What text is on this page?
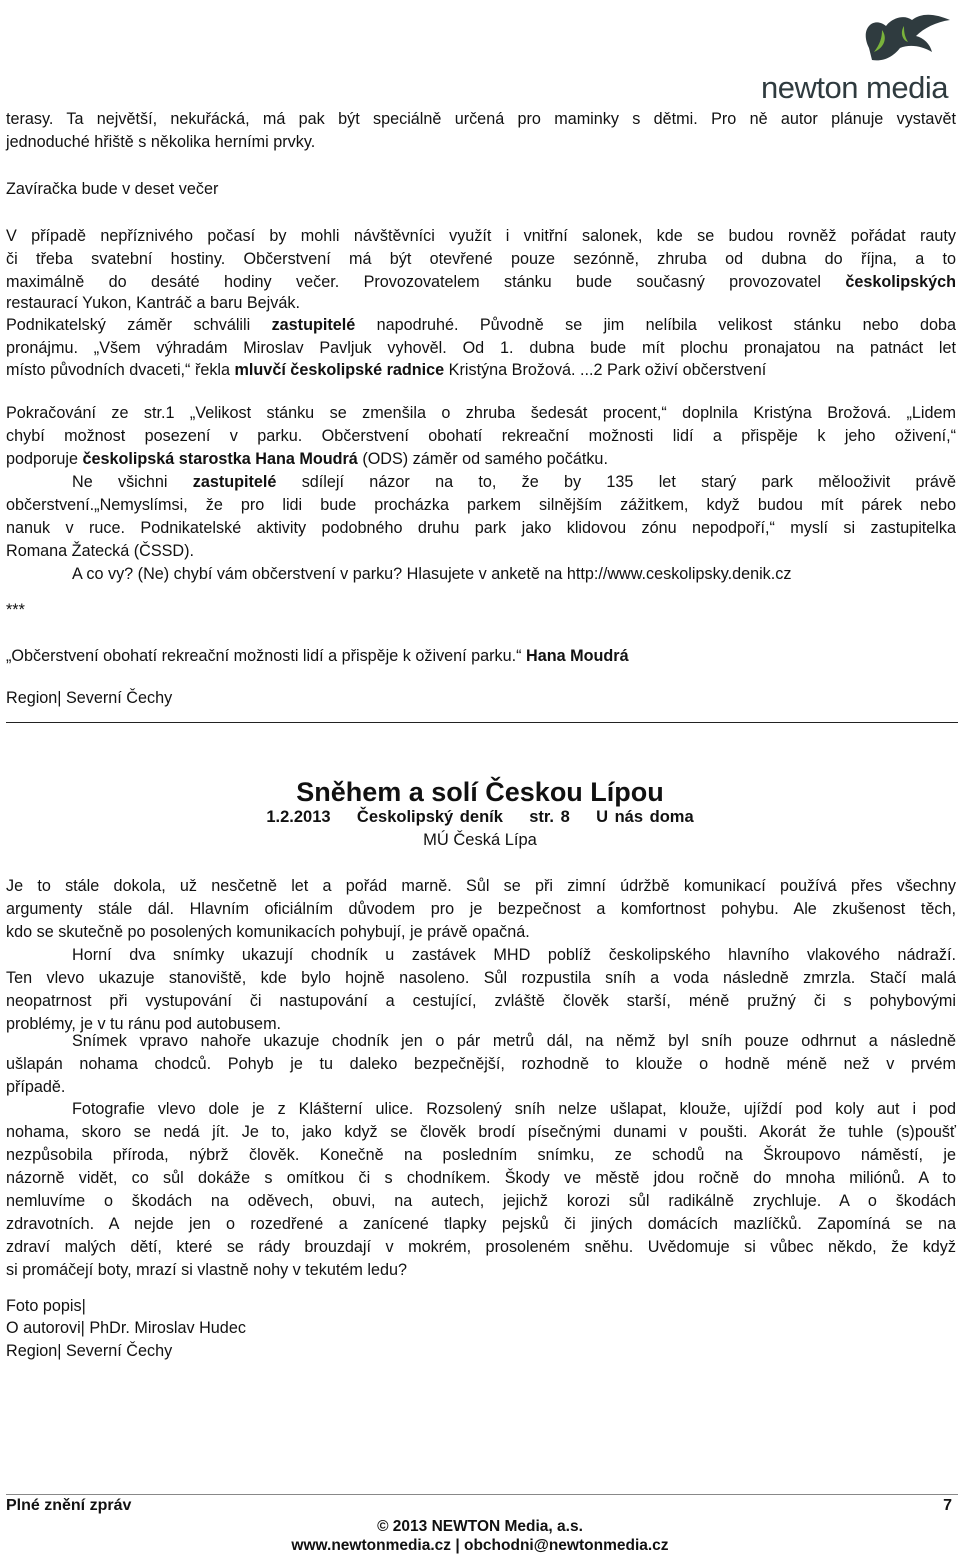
newton media
terasy. Ta největší, nekuřácká, má pak být speciálně určená pro maminky s dětmi. Pro ně autor plánuje vystavět
jednoduché hřiště s několika herními prvky.
Zavíračka bude v deset večer
V případě nepříznivého počasí by mohli návštěvníci využít i vnitřní salonek, kde se budou rovněž pořádat rauty
či třeba svatební hostiny. Občerstvení má být otevřené pouze sezónně, zhruba od dubna do října, a to
maximálně do desáté hodiny večer. Provozovatelem stánku bude současný provozovatel českolipských
restaurací Yukon, Kantráč a baru Bejvák.
Podnikatelský záměr schválili zastupitelé napodruhé. Původně se jim nelíbila velikost stánku nebo doba
pronájmu. „Všem výhradám Miroslav Pavljuk vyhověl. Od 1. dubna bude mít plochu pronajatou na patnáct let
místo původních dvaceti,“ řekla mluvčí českolipské radnice Kristýna Brožová. ...2 Park oživí občerstvení
Pokračování ze str.1 „Velikost stánku se zmenšila o zhruba šedesát procent,“ doplnila Kristýna Brožová. „Lidem
chybí možnost posezení v parku. Občerstvení obohatí rekreační možnosti lidí a přispěje k jeho oživení,“
podporuje českolipská starostka Hana Moudrá (ODS) záměr od samého počátku.
Ne všichni zastupitelé sdílejí názor na to, že by 135 let starý park mělooživit právě
občerstvení.„Nemyslímsi, že pro lidi bude procházka parkem silnějším zážitkem, když budou mít párek nebo
nanuk v ruce. Podnikatelské aktivity podobného druhu park jako klidovou zónu nepodpoří,“ myslí si zastupitelka
Romana Žatecká (ČSSD).
A co vy? (Ne) chybí vám občerstvení v parku? Hlasujete v anketě na http://www.ceskolipsky.denik.cz
***
„Občerstvení obohatí rekreační možnosti lidí a přispěje k oživení parku.“ Hana Moudrá
Region| Severní Čechy
Sněhem a solí Českou Lípou
1.2.2013    Českolipský deník    str. 8    U nás doma
MÚ Česká Lípa
Je to stále dokola, už nesčetně let a pořád marně. Sůl se při zimní údržbě komunikací používá přes všechny
argumenty stále dál. Hlavním oficiálním důvodem pro je bezpečnost a komfortnost pohybu. Ale zkušenost těch,
kdo se skutečně po posolených komunikacích pohybují, je právě opačná.
Horní dva snímky ukazují chodník u zastávek MHD poblíž českolipského hlavního vlakového nádraží.
Ten vlevo ukazuje stanoviště, kde bylo hojně nasoleno. Sůl rozpustila sníh a voda následně zmrzla. Stačí malá
neopatrnost při vystupování či nastupování a cestující, zvláště člověk starší, méně pružný či s pohybovými
problémy, je v tu ránu pod autobusem.
Snímek vpravo nahoře ukazuje chodník jen o pár metrů dál, na němž byl sníh pouze odhrnut a následně
ušlapán nohama chodců. Pohyb je tu daleko bezpečnější, rozhodně to klouže o hodně méně než v prvém
případě.
Fotografie vlevo dole je z Klášterní ulice. Rozsolený sníh nelze ušlapat, klouže, ujíždí pod koly aut i pod
nohama, skoro se nedá jít. Je to, jako když se člověk brodí písečnými dunami v poušti. Akorát že tuhle (s)poušť
nezpůsobila příroda, nýbrž člověk. Konečně na posledním snímku, ze schodů na Škroupovo náměstí, je
názorně vidět, co sůl dokáže s omítkou či s chodníkem. Škody ve městě jdou ročně do mnoha miliónů. A to
nemluvíme o škodách na oděvech, obuvi, na autech, jejichž korozi sůl radikálně zrychluje. A o škodách
zdravotních. A nejde jen o rozedřené a zanícené tlapky pejsků či jiných domácích mazlíčků. Zapomíná se na
zdraví malých dětí, které se rády brouzdají v mokrém, prosoleném sněhu. Uvědomuje si vůbec někdo, že když
si promáčejí boty, mrazí si vlastně nohy v tekutém ledu?
Foto popis|
O autorovi| PhDr. Miroslav Hudec
Region| Severní Čechy
Plné znění zpráv	7
© 2013 NEWTON Media, a.s.
www.newtonmedia.cz | obchodni@newtonmedia.cz
